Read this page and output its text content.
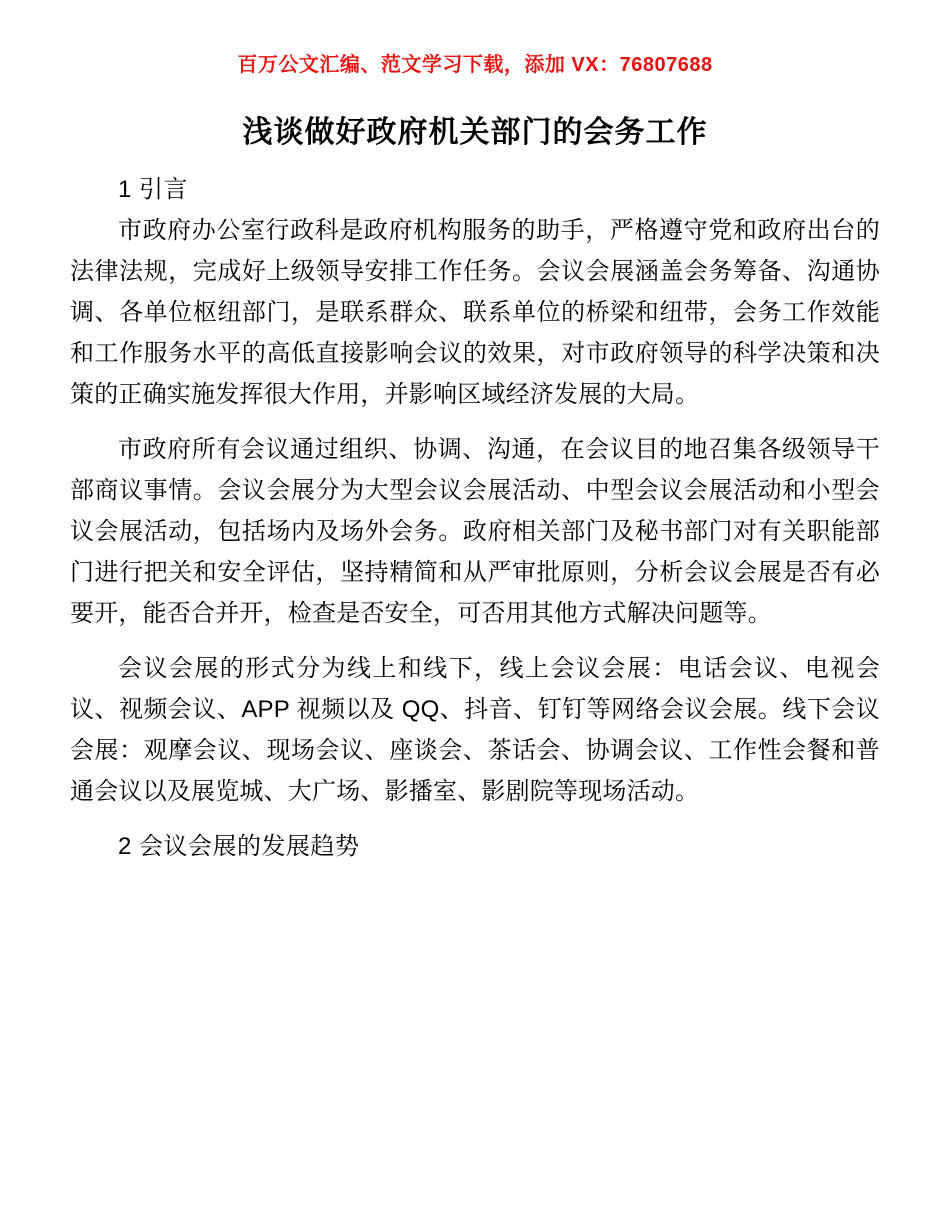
百万公文汇编、范文学习下载，添加 VX：76807688
浅谈做好政府机关部门的会务工作
1 引言

市政府办公室行政科是政府机构服务的助手，严格遵守党和政府出台的法律法规，完成好上级领导安排工作任务。会议会展涵盖会务筹备、沟通协调、各单位枢纽部门，是联系群众、联系单位的桥梁和纽带，会务工作效能和工作服务水平的高低直接影响会议的效果，对市政府领导的科学决策和决策的正确实施发挥很大作用，并影响区域经济发展的大局。

市政府所有会议通过组织、协调、沟通，在会议目的地召集各级领导干部商议事情。会议会展分为大型会议会展活动、中型会议会展活动和小型会议会展活动，包括场内及场外会务。政府相关部门及秘书部门对有关职能部门进行把关和安全评估，坚持精简和从严审批原则，分析会议会展是否有必要开，能否合并开，检查是否安全，可否用其他方式解决问题等。

会议会展的形式分为线上和线下，线上会议会展：电话会议、电视会议、视频会议、APP 视频以及 QQ、抖音、钉钉等网络会议会展。线下会议会展：观摩会议、现场会议、座谈会、茶话会、协调会议、工作性会餐和普通会议以及展览城、大广场、影播室、影剧院等现场活动。

2 会议会展的发展趋势
